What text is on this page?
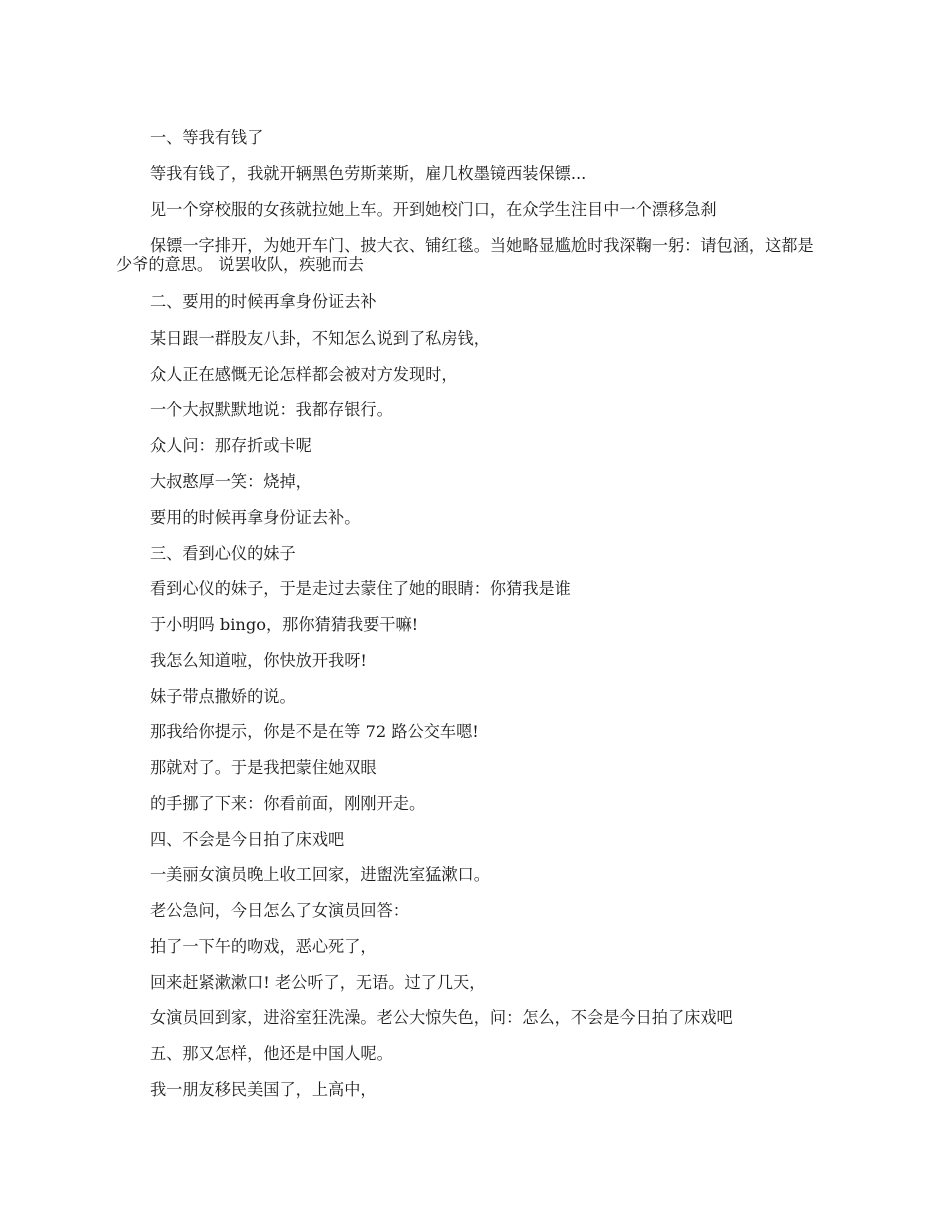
一、等我有钱了

等我有钱了，我就开辆黑色劳斯莱斯，雇几枚墨镜西装保镖...

见一个穿校服的女孩就拉她上车。开到她校门口，在众学生注目中一个漂移急刹

保镖一字排开，为她开车门、披大衣、铺红毯。当她略显尴尬时我深鞠一躬：请包涵，这都是少爷的意思。 说罢收队，疾驰而去

二、要用的时候再拿身份证去补

某日跟一群股友八卦，不知怎么说到了私房钱，

众人正在感慨无论怎样都会被对方发现时，

一个大叔默默地说：我都存银行。

众人问：那存折或卡呢

大叔憨厚一笑：烧掉，

要用的时候再拿身份证去补。

三、看到心仪的妹子

看到心仪的妹子，于是走过去蒙住了她的眼睛：你猜我是谁

于小明吗 bingo，那你猜猜我要干嘛!

我怎么知道啦，你快放开我呀!

妹子带点撒娇的说。

那我给你提示，你是不是在等 72 路公交车嗯!

那就对了。于是我把蒙住她双眼

的手挪了下来：你看前面，刚刚开走。

四、不会是今日拍了床戏吧

一美丽女演员晚上收工回家，进盥洗室猛漱口。

老公急问，今日怎么了女演员回答：

拍了一下午的吻戏，恶心死了，

回来赶紧漱漱口! 老公听了，无语。过了几天，

女演员回到家，进浴室狂洗澡。老公大惊失色，问：怎么，不会是今日拍了床戏吧

五、那又怎样，他还是中国人呢。

我一朋友移民美国了，上高中，
